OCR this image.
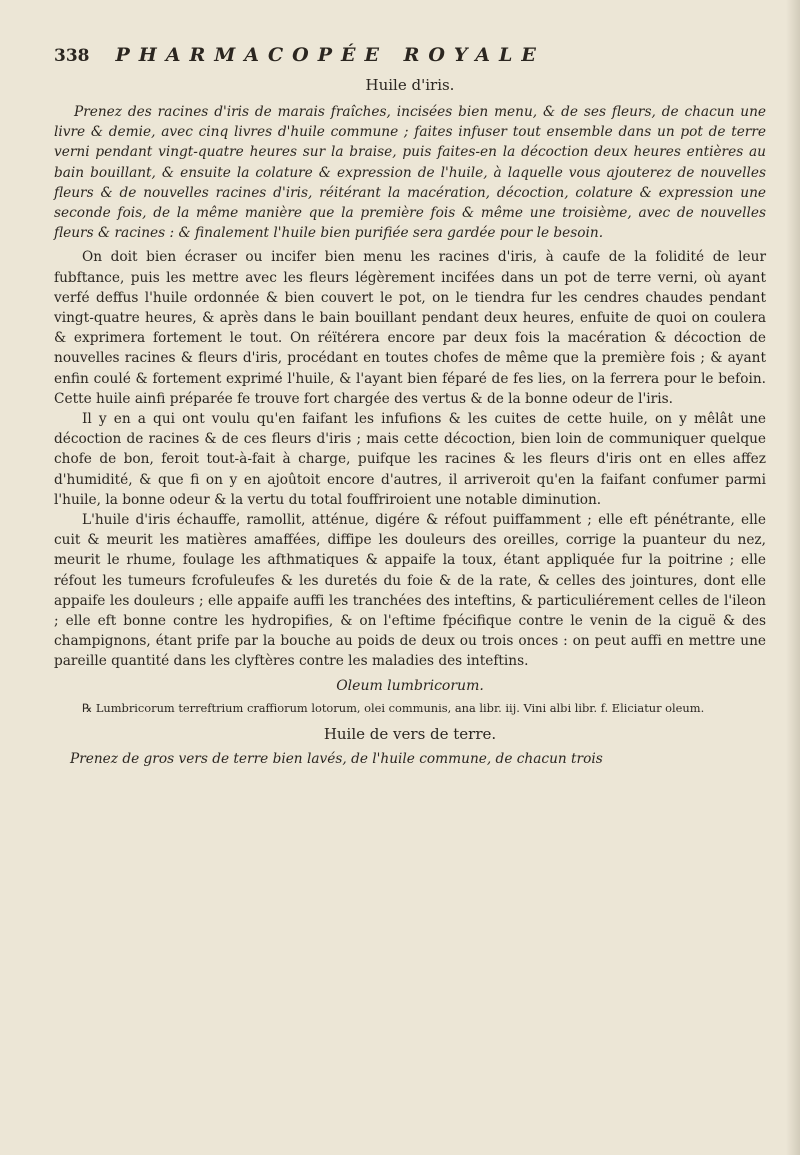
338 PHARMACOPÉE ROYALE
Huile d'iris.

Prenez des racines d'iris de marais fraîches, incisées bien menu, & de ses fleurs, de chacun une livre & demie, avec cinq livres d'huile commune ; faites infuser tout ensemble dans un pot de terre verni pendant vingt-quatre heures sur la braise, puis faites-en la décoction deux heures entières au bain bouillant, & ensuite la colature & expression de l'huile, à laquelle vous ajouterez de nouvelles fleurs & de nouvelles racines d'iris, réitérant la macération, décoction, colature & expression une seconde fois, de la même manière que la première fois & même une troisième, avec de nouvelles fleurs & racines : & finalement l'huile bien purifiée sera gardée pour le besoin.

On doit bien écraser ou incifer bien menu les racines d'iris, à caufe de la folidité de leur fubftance, puis les mettre avec les fleurs légèrement incifées dans un pot de terre verni, où ayant verfé deffus l'huile ordonnée & bien couvert le pot, on le tiendra fur les cendres chaudes pendant vingt-quatre heures, & après dans le bain bouillant pendant deux heures, enfuite de quoi on coulera & exprimera fortement le tout. On réïtérera encore par deux fois la macération & décoction de nouvelles racines & fleurs d'iris, procédant en toutes chofes de même que la première fois ; & ayant enfin coulé & fortement exprimé l'huile, & l'ayant bien féparé de fes lies, on la ferrera pour le befoin. Cette huile ainfi préparée fe trouve fort chargée des vertus & de la bonne odeur de l'iris.

Il y en a qui ont voulu qu'en faifant les infufions & les cuites de cette huile, on y mêlât une décoction de racines & de ces fleurs d'iris ; mais cette décoction, bien loin de communiquer quelque chofe de bon, feroit tout-à-fait à charge, puifque les racines & les fleurs d'iris ont en elles affez d'humidité, & que fi on y en ajoûtoit encore d'autres, il arriveroit qu'en la faifant confumer parmi l'huile, la bonne odeur & la vertu du total fouffriroient une notable diminution.

L'huile d'iris échauffe, ramollit, atténue, digére & réfout puiffamment ; elle eft pénétrante, elle cuit & meurit les matières amaffées, diffipe les douleurs des oreilles, corrige la puanteur du nez, meurit le rhume, foulage les afthmatiques & appaife la toux, étant appliquée fur la poitrine ; elle réfout les tumeurs fcrofuleufes & les duretés du foie & de la rate, & celles des jointures, dont elle appaife les douleurs ; elle appaife auffi les tranchées des inteftins, & particuliérement celles de l'ileon ; elle eft bonne contre les hydropifies, & on l'eftime fpécifique contre le venin de la ciguë & des champignons, étant prife par la bouche au poids de deux ou trois onces : on peut auffi en mettre une pareille quantité dans les clyftères contre les maladies des inteftins.

Oleum lumbricorum.

℞ Lumbricorum terreftrium craffiorum lotorum, olei communis, ana libr. iij. Vini albi libr. f. Eliciatur oleum.

Huile de vers de terre.

Prenez de gros vers de terre bien lavés, de l'huile commune, de chacun trois
